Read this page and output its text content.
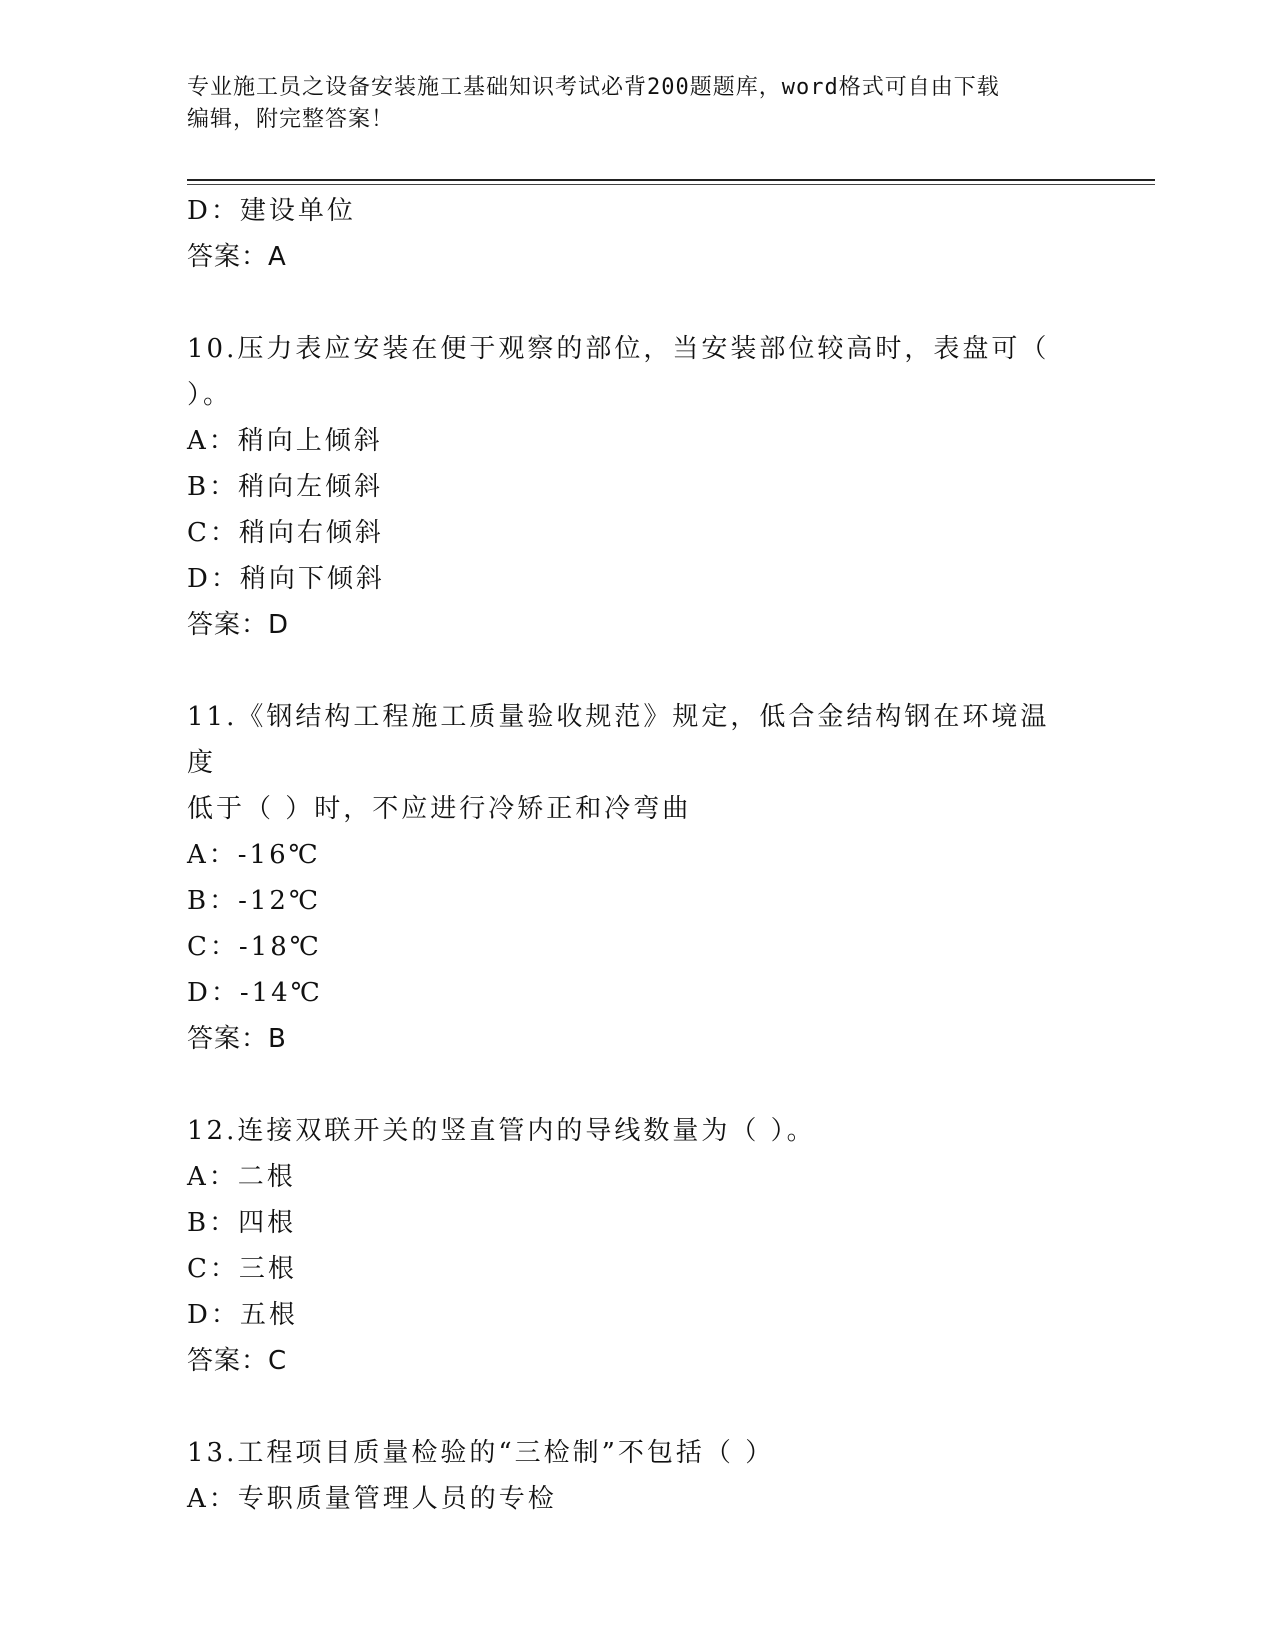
专业施工员之设备安装施工基础知识考试必背200题题库，word格式可自由下载
编辑，附完整答案！
D：建设单位
答案：A
10.压力表应安装在便于观察的部位，当安装部位较高时，表盘可（
）。
A：稍向上倾斜
B：稍向左倾斜
C：稍向右倾斜
D：稍向下倾斜
答案：D
11.《钢结构工程施工质量验收规范》规定，低合金结构钢在环境温度
低于（ ）时，不应进行冷矫正和冷弯曲
A：-16℃
B：-12℃
C：-18℃
D：-14℃
答案：B
12.连接双联开关的竖直管内的导线数量为（ ）。
A：二根
B：四根
C：三根
D：五根
答案：C
13.工程项目质量检验的“三检制”不包括（ ）
A：专职质量管理人员的专检
